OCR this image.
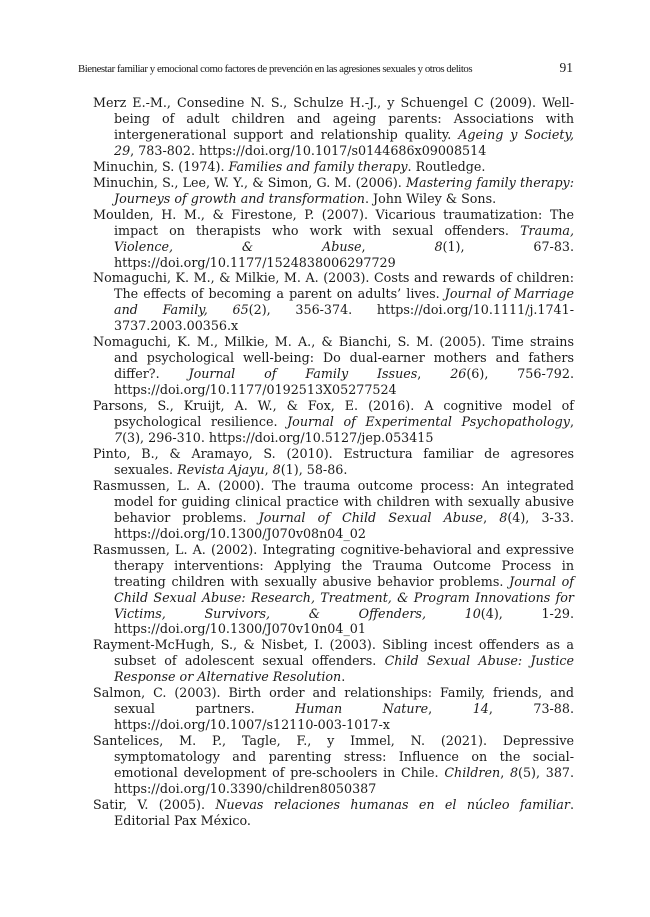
Bienestar familiar y emocional como factores de prevención en las agresiones sexuales y otros delitos	91

Merz E.-M., Consedine N. S., Schulze H.-J., y Schuengel C (2009). Well-being of adult children and ageing parents: Associations with intergenerational support and relationship quality. Ageing y Society, 29, 783-802. https://doi.org/10.1017/s0144686x09008514

Minuchin, S. (1974). Families and family therapy. Routledge.

Minuchin, S., Lee, W. Y., & Simon, G. M. (2006). Mastering family therapy: Journeys of growth and transformation. John Wiley & Sons.

Moulden, H. M., & Firestone, P. (2007). Vicarious traumatization: The impact on therapists who work with sexual offenders. Trauma, Violence, & Abuse, 8(1), 67-83. https://doi.org/10.1177/1524838006297729

Nomaguchi, K. M., & Milkie, M. A. (2003). Costs and rewards of children: The effects of becoming a parent on adults’ lives. Journal of Marriage and Family, 65(2), 356-374. https://doi.org/10.1111/j.1741-3737.2003.00356.x

Nomaguchi, K. M., Milkie, M. A., & Bianchi, S. M. (2005). Time strains and psychological well-being: Do dual-earner mothers and fathers differ?. Journal of Family Issues, 26(6), 756-792. https://doi.org/10.1177/0192513X05277524

Parsons, S., Kruijt, A. W., & Fox, E. (2016). A cognitive model of psychological resilience. Journal of Experimental Psychopathology, 7(3), 296-310. https://doi.org/10.5127/jep.053415

Pinto, B., & Aramayo, S. (2010). Estructura familiar de agresores sexuales. Revista Ajayu, 8(1), 58-86.

Rasmussen, L. A. (2000). The trauma outcome process: An integrated model for guiding clinical practice with children with sexually abusive behavior problems. Journal of Child Sexual Abuse, 8(4), 3-33. https://doi.org/10.1300/J070v08n04_02

Rasmussen, L. A. (2002). Integrating cognitive-behavioral and expressive therapy interventions: Applying the Trauma Outcome Process in treating children with sexually abusive behavior problems. Journal of Child Sexual Abuse: Research, Treatment, & Program Innovations for Victims, Survivors, & Offenders, 10(4), 1-29. https://doi.org/10.1300/J070v10n04_01

Rayment-McHugh, S., & Nisbet, I. (2003). Sibling incest offenders as a subset of adolescent sexual offenders. Child Sexual Abuse: Justice Response or Alternative Resolution.

Salmon, C. (2003). Birth order and relationships: Family, friends, and sexual partners. Human Nature, 14, 73-88. https://doi.org/10.1007/s12110-003-1017-x

Santelices, M. P., Tagle, F., y Immel, N. (2021). Depressive symptomatology and parenting stress: Influence on the social-emotional development of pre-schoolers in Chile. Children, 8(5), 387. https://doi.org/10.3390/children8050387

Satir, V. (2005). Nuevas relaciones humanas en el núcleo familiar. Editorial Pax México.
